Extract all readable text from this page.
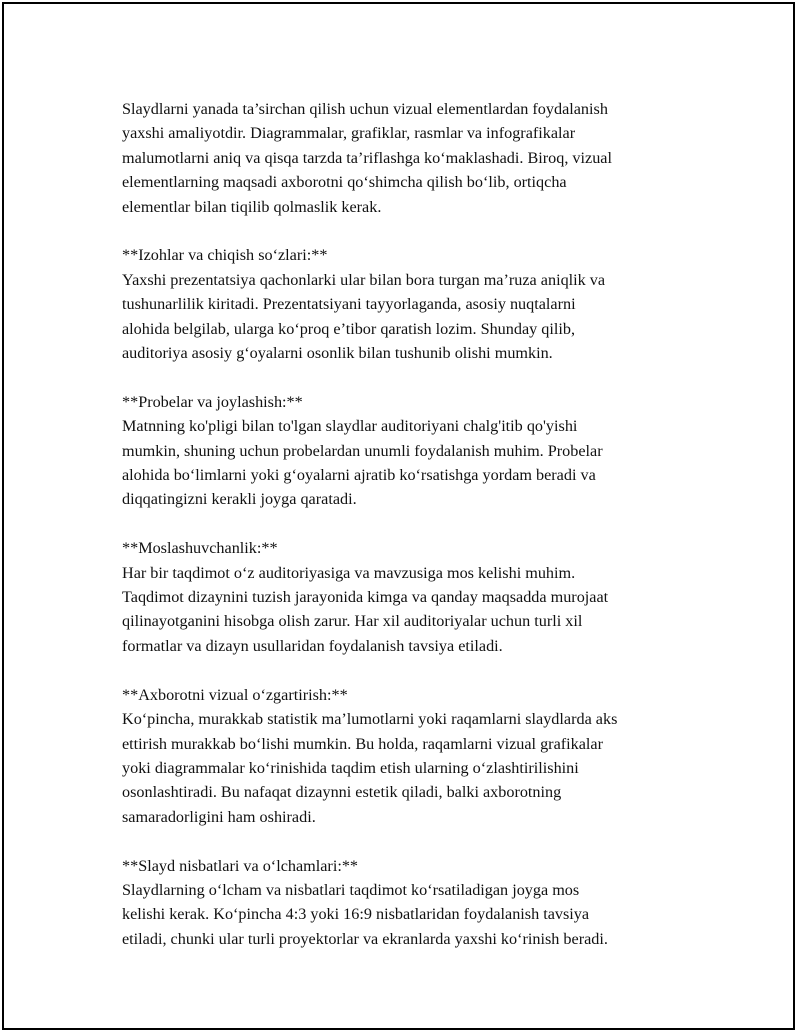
Slaydlarni yanada ta’sirchan qilish uchun vizual elementlardan foydalanish
yaxshi amaliyotdir. Diagrammalar, grafiklar, rasmlar va infografikalar
malumotlarni aniq va qisqa tarzda ta’riflashga koʻmaklashadi. Biroq, vizual
elementlarning maqsadi axborotni qoʻshimcha qilish boʻlib, ortiqcha
elementlar bilan tiqilib qolmaslik kerak.

**Izohlar va chiqish soʻzlari:**

Yaxshi prezentatsiya qachonlarki ular bilan bora turgan ma’ruza aniqlik va
tushunarlilik kiritadi. Prezentatsiyani tayyorlaganda, asosiy nuqtalarni
alohida belgilab, ularga koʻproq e’tibor qaratish lozim. Shunday qilib,
auditoriya asosiy gʻoyalarni osonlik bilan tushunib olishi mumkin.

**Probelar va joylashish:**

Matnning ko'pligi bilan to'lgan slaydlar auditoriyani chalg'itib qo'yishi
mumkin, shuning uchun probelardan unumli foydalanish muhim. Probelar
alohida boʻlimlarni yoki gʻoyalarni ajratib koʻrsatishga yordam beradi va
diqqatingizni kerakli joyga qaratadi.

**Moslashuvchanlik:**

Har bir taqdimot oʻz auditoriyasiga va mavzusiga mos kelishi muhim.
Taqdimot dizaynini tuzish jarayonida kimga va qanday maqsadda murojaat
qilinayotganini hisobga olish zarur. Har xil auditoriyalar uchun turli xil
formatlar va dizayn usullaridan foydalanish tavsiya etiladi.

**Axborotni vizual oʻzgartirish:**

Koʻpincha, murakkab statistik ma’lumotlarni yoki raqamlarni slaydlarda aks
ettirish murakkab boʻlishi mumkin. Bu holda, raqamlarni vizual grafikalar
yoki diagrammalar koʻrinishida taqdim etish ularning oʻzlashtirilishini
osonlashtiradi. Bu nafaqat dizaynni estetik qiladi, balki axborotning
samaradorligini ham oshiradi.

**Slayd nisbatlari va oʻlchamlari:**

Slaydlarning oʻlcham va nisbatlari taqdimot koʻrsatiladigan joyga mos
kelishi kerak. Koʻpincha 4:3 yoki 16:9 nisbatlaridan foydalanish tavsiya
etiladi, chunki ular turli proyektorlar va ekranlarda yaxshi koʻrinish beradi.
